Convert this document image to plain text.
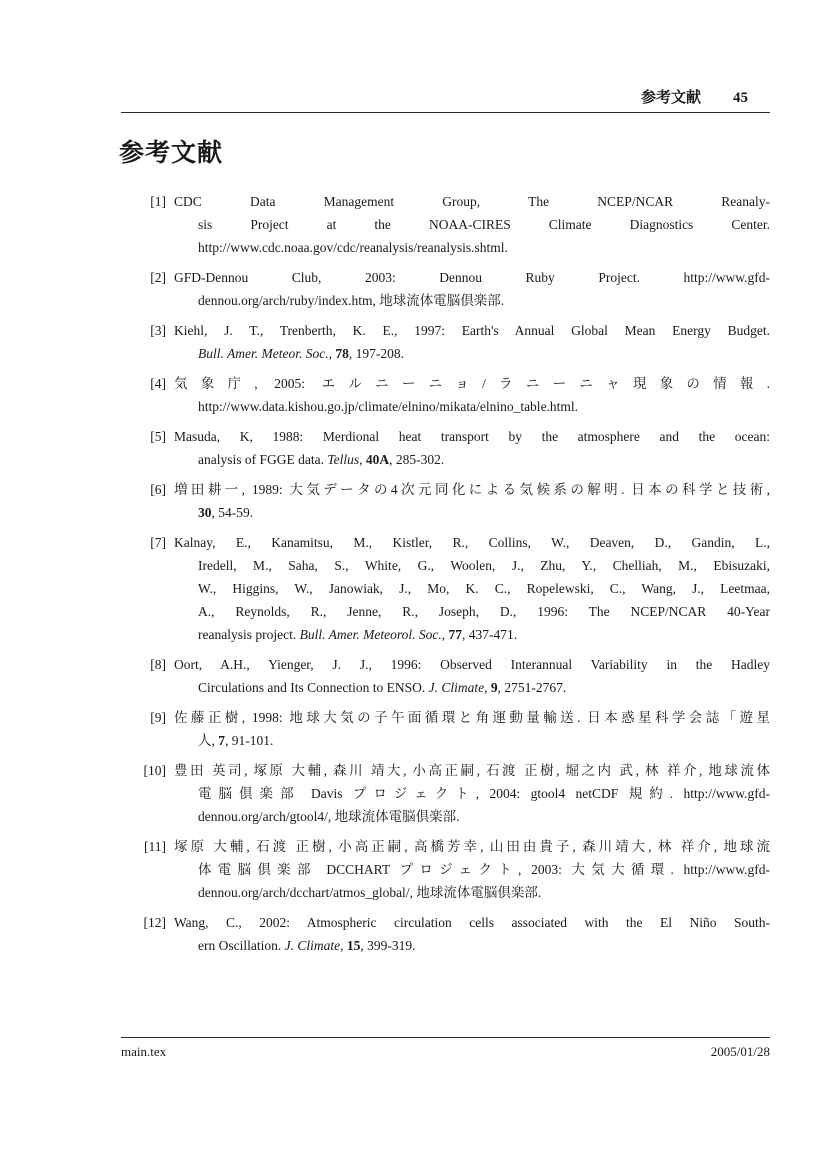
参考文献 45
参考文献
[1] CDC Data Management Group, The NCEP/NCAR Reanaly-
sis Project at the NOAA-CIRES Climate Diagnostics Center.
http://www.cdc.noaa.gov/cdc/reanalysis/reanalysis.shtml.
[2] GFD-Dennou Club, 2003: Dennou Ruby Project. http://www.gfd-
dennou.org/arch/ruby/index.htm, 地球流体電脳倶楽部.
[3] Kiehl, J. T., Trenberth, K. E., 1997: Earth's Annual Global Mean Energy Budget.
Bull. Amer. Meteor. Soc., 78, 197-208.
[4] 気象庁, 2005: エルニーニョ/ラニーニャ現象の情報.
http://www.data.kishou.go.jp/climate/elnino/mikata/elnino_table.html.
[5] Masuda, K, 1988: Merdional heat transport by the atmosphere and the ocean:
analysis of FGGE data. Tellus, 40A, 285-302.
[6] 増田耕一, 1989: 大気データの4次元同化による気候系の解明. 日本の科学と技術,
30, 54-59.
[7] Kalnay, E., Kanamitsu, M., Kistler, R., Collins, W., Deaven, D., Gandin, L.,
Iredell, M., Saha, S., White, G., Woolen, J., Zhu, Y., Chelliah, M., Ebisuzaki,
W., Higgins, W., Janowiak, J., Mo, K. C., Ropelewski, C., Wang, J., Leetmaa,
A., Reynolds, R., Jenne, R., Joseph, D., 1996: The NCEP/NCAR 40-Year
reanalysis project. Bull. Amer. Meteorol. Soc., 77, 437-471.
[8] Oort, A.H., Yienger, J. J., 1996: Observed Interannual Variability in the Hadley
Circulations and Its Connection to ENSO. J. Climate, 9, 2751-2767.
[9] 佐藤正樹, 1998: 地球大気の子午面循環と角運動量輸送. 日本惑星科学会誌「遊星
人, 7, 91-101.
[10] 豊田 英司, 塚原 大輔, 森川 靖大, 小高正嗣, 石渡 正樹, 堀之内 武, 林 祥介, 地球流体
電脳倶楽部 Davis プロジェクト, 2004: gtool4 netCDF 規約. http://www.gfd-
dennou.org/arch/gtool4/, 地球流体電脳倶楽部.
[11] 塚原 大輔, 石渡 正樹, 小高正嗣, 高橋芳幸, 山田由貴子, 森川靖大, 林 祥介, 地球流
体電脳倶楽部 DCCHART プロジェクト, 2003: 大気大循環. http://www.gfd-
dennou.org/arch/dcchart/atmos_global/, 地球流体電脳倶楽部.
[12] Wang, C., 2002: Atmospheric circulation cells associated with the El Niño South-
ern Oscillation. J. Climate, 15, 399-319.
main.tex	2005/01/28
